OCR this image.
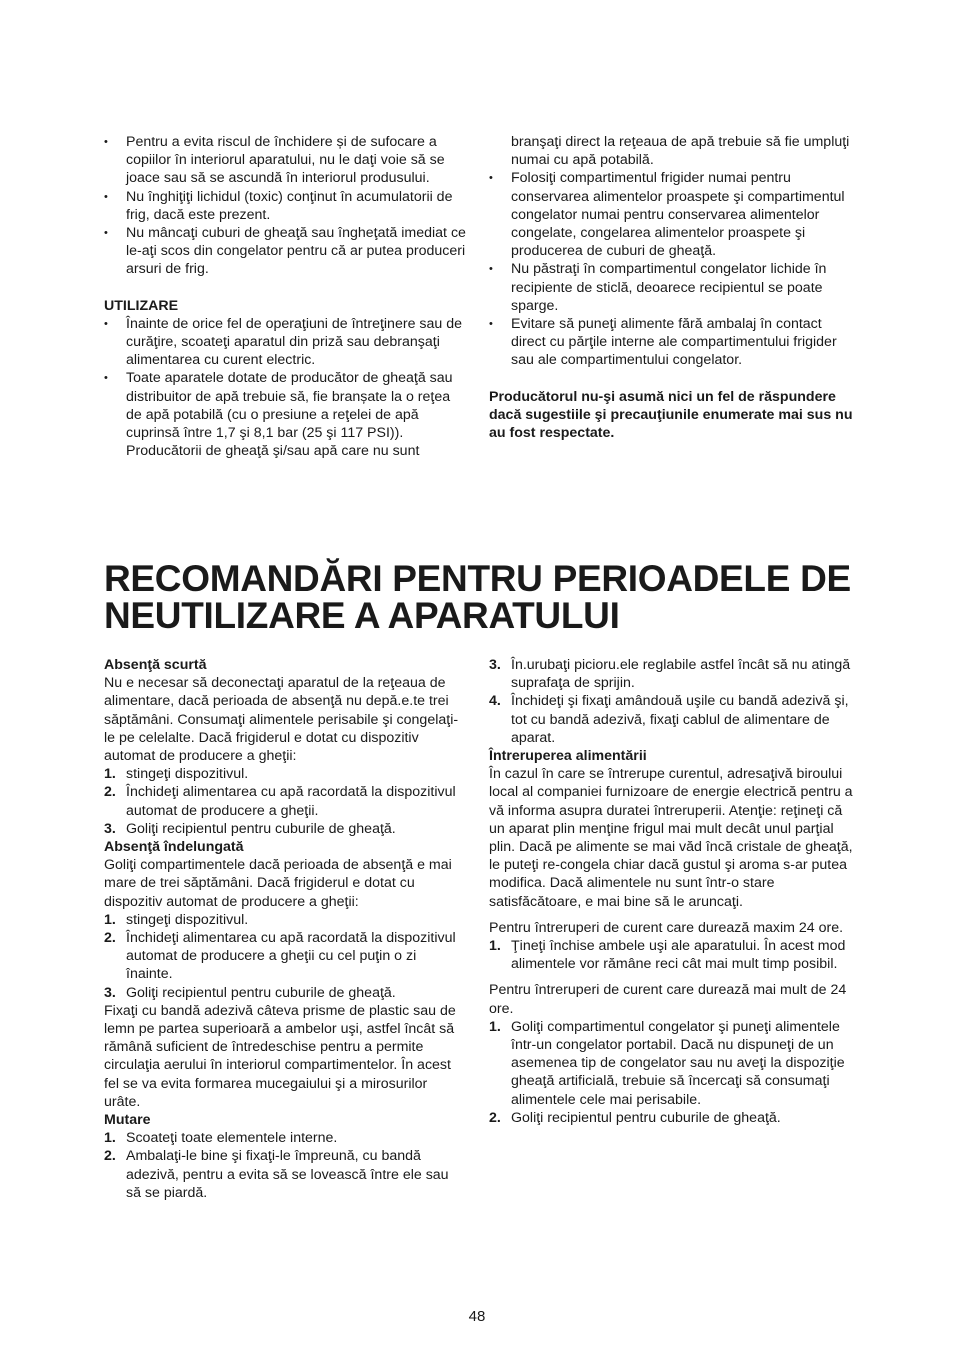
• Pentru a evita riscul de închidere și de sufocare a copiilor în interiorul aparatului, nu le daţi voie să se joace sau să se ascundă în interiorul produsului.

• Nu înghiţiţi lichidul (toxic) conţinut în acumulatorii de frig, dacă este prezent.

• Nu mâncaţi cuburi de gheaţă sau îngheţată imediat ce le-aţi scos din congelator pentru că ar putea produceri arsuri de frig.

UTILIZARE

• Înainte de orice fel de operaţiuni de întreţinere sau de curăţire, scoateţi aparatul din priză sau debranşaţi alimentarea cu curent electric.

• Toate aparatele dotate de producător de gheaţă sau distribuitor de apă trebuie să, fie branșate la o reţea de apă potabilă (cu o presiune a reţelei de apă cuprinsă între 1,7 şi 8,1 bar (25 şi 117 PSI)). Producătorii de gheaţă şi/sau apă care nu sunt

branşaţi direct la reţeaua de apă trebuie să fie umpluţi numai cu apă potabilă.

• Folosiţi compartimentul frigider numai pentru conservarea alimentelor proaspete şi compartimentul congelator numai pentru conservarea alimentelor congelate, congelarea alimentelor proaspete şi producerea de cuburi de gheaţă.

• Nu păstraţi în compartimentul congelator lichide în recipiente de sticlă, deoarece recipientul se poate sparge.

• Evitare să puneţi alimente fără ambalaj în contact direct cu părţile interne ale compartimentului frigider sau ale compartimentului congelator.

Producătorul nu-şi asumă nici un fel de răspundere dacă sugestiile şi precauţiunile enumerate mai sus nu au fost respectate.

RECOMANDĂRI PENTRU PERIOADELE DE
NEUTILIZARE A APARATULUI

Absenţă scurtă

Nu e necesar să deconectaţi aparatul de la reţeaua de alimentare, dacă perioada de absenţă nu depă.e.te trei săptămâni. Consumaţi alimentele perisabile şi congelaţi-le pe celelalte. Dacă frigiderul e dotat cu dispozitiv automat de producere a gheţii:

1. stingeţi dispozitivul.

2. Închideţi alimentarea cu apă racordată la dispozitivul automat de producere a gheţii.

3. Goliţi recipientul pentru cuburile de gheaţă.

Absenţă îndelungată

Goliţi compartimentele dacă perioada de absenţă e mai mare de trei săptămâni. Dacă frigiderul e dotat cu dispozitiv automat de producere a gheţii:

1. stingeţi dispozitivul.

2. Închideţi alimentarea cu apă racordată la dispozitivul automat de producere a gheţii cu cel puţin o zi înainte.

3. Goliţi recipientul pentru cuburile de gheaţă.

Fixaţi cu bandă adezivă câteva prisme de plastic sau de lemn pe partea superioară a ambelor uşi, astfel încât să rămână suficient de întredeschise pentru a permite circulaţia aerului în interiorul compartimentelor. În acest fel se va evita formarea mucegaiului şi a mirosurilor urâte.

Mutare

1. Scoateţi toate elementele interne.

2. Ambalaţi-le bine şi fixaţi-le împreună, cu bandă adezivă, pentru a evita să se lovească între ele sau să se piardă.

3. În.urubaţi picioru.ele reglabile astfel încât să nu atingă suprafaţa de sprijin.

4. Închideţi şi fixaţi amândouă uşile cu bandă adezivă şi, tot cu bandă adezivă, fixaţi cablul de alimentare de aparat.

Întreruperea alimentării

În cazul în care se întrerupe curentul, adresaţivă biroului local al companiei furnizoare de energie electrică pentru a vă informa asupra duratei întreruperii. Atenţie: reţineţi că un aparat plin menţine frigul mai mult decât unul parţial plin. Dacă pe alimente se mai văd încă cristale de gheaţă, le puteţi re-congela chiar dacă gustul şi aroma s-ar putea modifica. Dacă alimentele nu sunt într-o stare satisfăcătoare, e mai bine să le aruncaţi.

Pentru întreruperi de curent care durează maxim 24 ore.

1. Ţineţi închise ambele uşi ale aparatului. În acest mod alimentele vor rămâne reci cât mai mult timp posibil.

Pentru întreruperi de curent care durează mai mult de 24 ore.

1. Goliţi compartimentul congelator şi puneţi alimentele într-un congelator portabil. Dacă nu dispuneţi de un asemenea tip de congelator sau nu aveţi la dispoziţie gheaţă artificială, trebuie să încercaţi să consumaţi alimentele cele mai perisabile.

2. Goliţi recipientul pentru cuburile de gheaţă.

48
